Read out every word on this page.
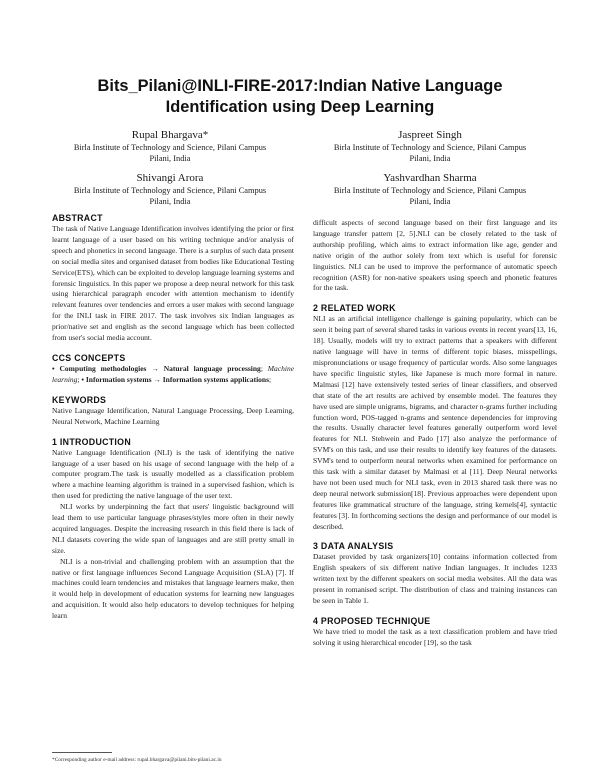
Bits_Pilani@INLI-FIRE-2017:Indian Native Language
Identification using Deep Learning
Rupal Bhargava*
Birla Institute of Technology and Science, Pilani Campus
Pilani, India
Jaspreet Singh
Birla Institute of Technology and Science, Pilani Campus
Pilani, India
Shivangi Arora
Birla Institute of Technology and Science, Pilani Campus
Pilani, India
Yashvardhan Sharma
Birla Institute of Technology and Science, Pilani Campus
Pilani, India
ABSTRACT

The task of Native Language Identification involves identifying the prior or first learnt language of a user based on his writing technique and/or analysis of speech and phonetics in second language. There is a surplus of such data present on social media sites and organised dataset from bodies like Educational Testing Service(ETS), which can be exploited to develop language learning systems and forensic linguistics. In this paper we propose a deep neural network for this task using hierarchical paragraph encoder with attention mechanism to identify relevant features over tendencies and errors a user makes with second language for the INLI task in FIRE 2017. The task involves six Indian languages as prior/native set and english as the second language which has been collected from user's social media account.

CCS CONCEPTS

• Computing methodologies → Natural language processing; Machine learning; • Information systems → Information systems applications;

KEYWORDS

Native Language Identification, Natural Language Processing, Deep Learning, Neural Network, Machine Learning

1 INTRODUCTION

Native Language Identification (NLI) is the task of identifying the native language of a user based on his usage of second language with the help of a computer program.The task is usually modelled as a classification problem where a machine learning algorithm is trained in a supervised fashion, which is then used for predicting the native language of the user text.

NLI works by underpinning the fact that users' linguistic background will lead them to use particular language phrases/styles more often in their newly acquired languages. Despite the increasing research in this field there is lack of NLI datasets covering the wide span of languages and are still pretty small in size.

NLI is a non-trivial and challenging problem with an assumption that the native or first language influences Second Language Acquisition (SLA) [7]. If machines could learn tendencies and mistakes that language learners make, then it would help in development of education systems for learning new languages and acquisition. It would also help educators to develop techniques for helping learn

*Corresponding author e-mail address: rupal.bhargava@pilani.bits-pilani.ac.in

difficult aspects of second language based on their first language and its language transfer pattern [2, 5].NLI can be closely related to the task of authorship profiling, which aims to extract information like age, gender and native origin of the author solely from text which is useful for forensic linguistics. NLI can be used to improve the performance of automatic speech recognition (ASR) for non-native speakers using speech and phonetic features for the task.

2 RELATED WORK

NLI as an artificial intelligence challenge is gaining popularity, which can be seen it being part of several shared tasks in various events in recent years[13, 16, 18]. Usually, models will try to extract patterns that a speakers with different native language will have in terms of different topic biases, misspellings, mispronunciations or usage frequency of particular words. Also some languages have specific linguistic styles, like Japanese is much more formal in nature. Malmasi [12] have extensively tested series of linear classifiers, and observed that state of the art results are achived by ensemble model. The features they have used are simple unigrams, bigrams, and character n-grams further including function word, POS-tagged n-grams and sentence dependencies for improving the results. Usually character level features generally outperform word level features for NLI. Stehwein and Pado [17] also analyze the performance of SVM's on this task, and use their results to identify key features of the datasets. SVM's tend to outperform neural networks when examined for performance on this task with a similar dataset by Malmasi et al [11]. Deep Neural networks have not been used much for NLI task, even in 2013 shared task there was no deep neural network submission[18]. Previous approaches were dependent upon features like grammatical structure of the language, string kernels[4], syntactic features [3]. In forthcoming sections the design and performance of our model is described.

3 DATA ANALYSIS

Dataset provided by task organizers[10] contains information collected from English speakers of six different native Indian languages. It includes 1233 written text by the different speakers on social media websites. All the data was present in romanised script. The distribution of class and training instances can be seen in Table 1.

4 PROPOSED TECHNIQUE

We have tried to model the task as a text classification problem and have tried solving it using hierarchical encoder [19], so the task
